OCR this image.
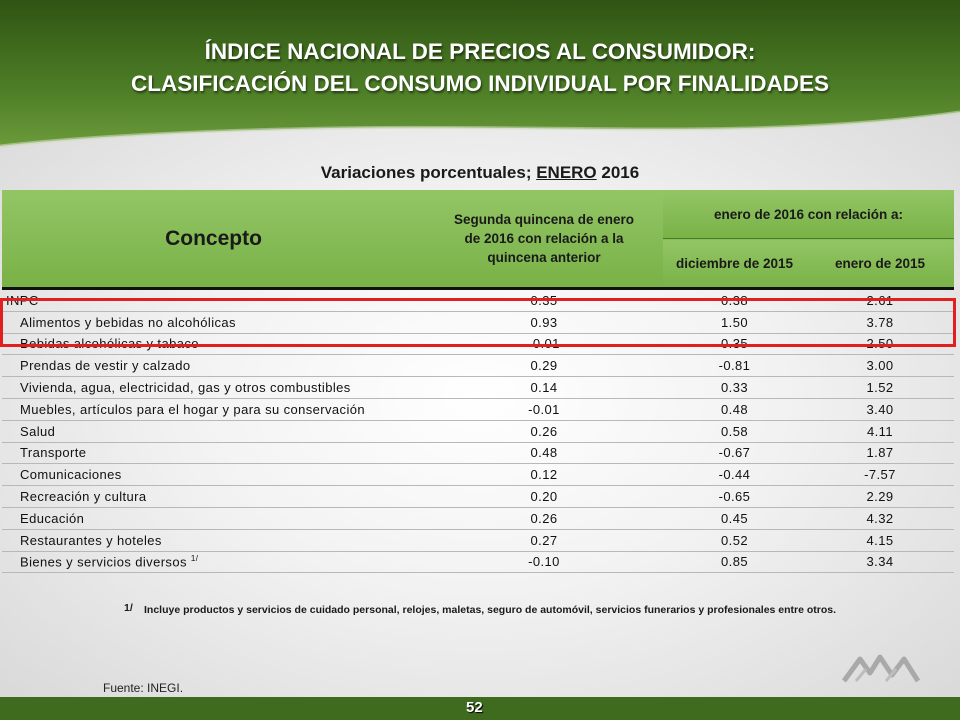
ÍNDICE NACIONAL DE PRECIOS AL CONSUMIDOR:
CLASIFICACIÓN DEL CONSUMO INDIVIDUAL POR FINALIDADES
Variaciones porcentuales; ENERO 2016
Concepto	Segunda quincena de enero
de 2016 con relación a la
quincena anterior	enero de 2016 con relación a:	
		diciembre de 2015	enero de 2015

INPC	0.35	0.38	2.61
Alimentos y bebidas no alcohólicas	0.93	1.50	3.78
Bebidas alcohólicas y tabaco	-0.01	0.35	2.50
Prendas de vestir y calzado	0.29	-0.81	3.00
Vivienda, agua, electricidad, gas y otros combustibles	0.14	0.33	1.52
Muebles, artículos para el hogar y para su conservación	-0.01	0.48	3.40
Salud	0.26	0.58	4.11
Transporte	0.48	-0.67	1.87
Comunicaciones	0.12	-0.44	-7.57
Recreación y cultura	0.20	-0.65	2.29
Educación	0.26	0.45	4.32
Restaurantes y hoteles	0.27	0.52	4.15
Bienes y servicios diversos $^{1/}$	-0.10	0.85	3.34
1/ Incluye productos y servicios de cuidado personal, relojes, maletas, seguro de automóvil, servicios funerarios y profesionales entre otros.
Fuente: INEGI.
52
